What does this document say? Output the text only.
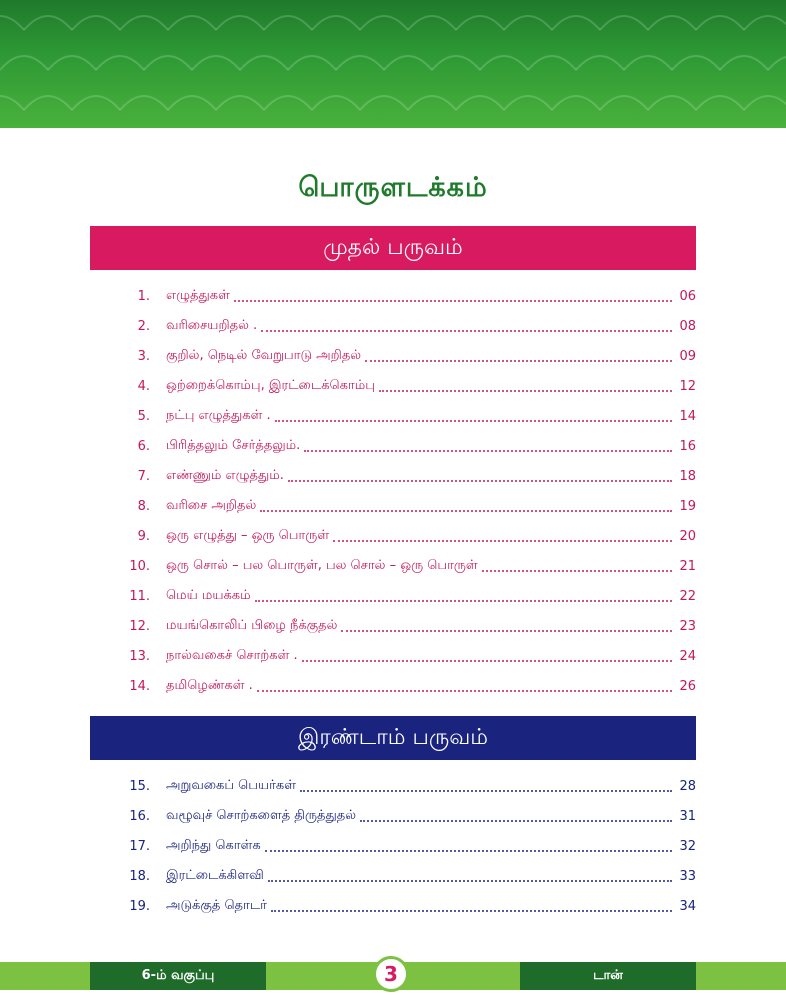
பொருளடக்கம்
முதல் பருவம்
1. எழுத்துகள்	06
2. வரிசையறிதல் .	08
3. குறில், நெடில் வேறுபாடு அறிதல்	09
4. ஒற்றைக்கொம்பு, இரட்டைக்கொம்பு	12
5. நட்பு எழுத்துகள் .	14
6. பிரித்தலும் சேர்த்தலும்.	16
7. எண்ணும் எழுத்தும்.	18
8. வரிசை அறிதல்	19
9. ஒரு எழுத்து – ஒரு பொருள்	20
10. ஒரு சொல் – பல பொருள், பல சொல் – ஒரு பொருள்	21
11. மெய் மயக்கம்	22
12. மயங்கொலிப் பிழை நீக்குதல்	23
13. நால்வகைச் சொற்கள் .	24
14. தமிழெண்கள் .	26
இரண்டாம் பருவம்
15. அறுவகைப் பெயர்கள்	28
16. வழூவுச் சொற்களைத் திருத்துதல்	31
17. அறிந்து கொள்க	32
18. இரட்டைக்கிளவி	33
19. அடுக்குத் தொடர்	34
6-ம் வகுப்பு	டான்
3
